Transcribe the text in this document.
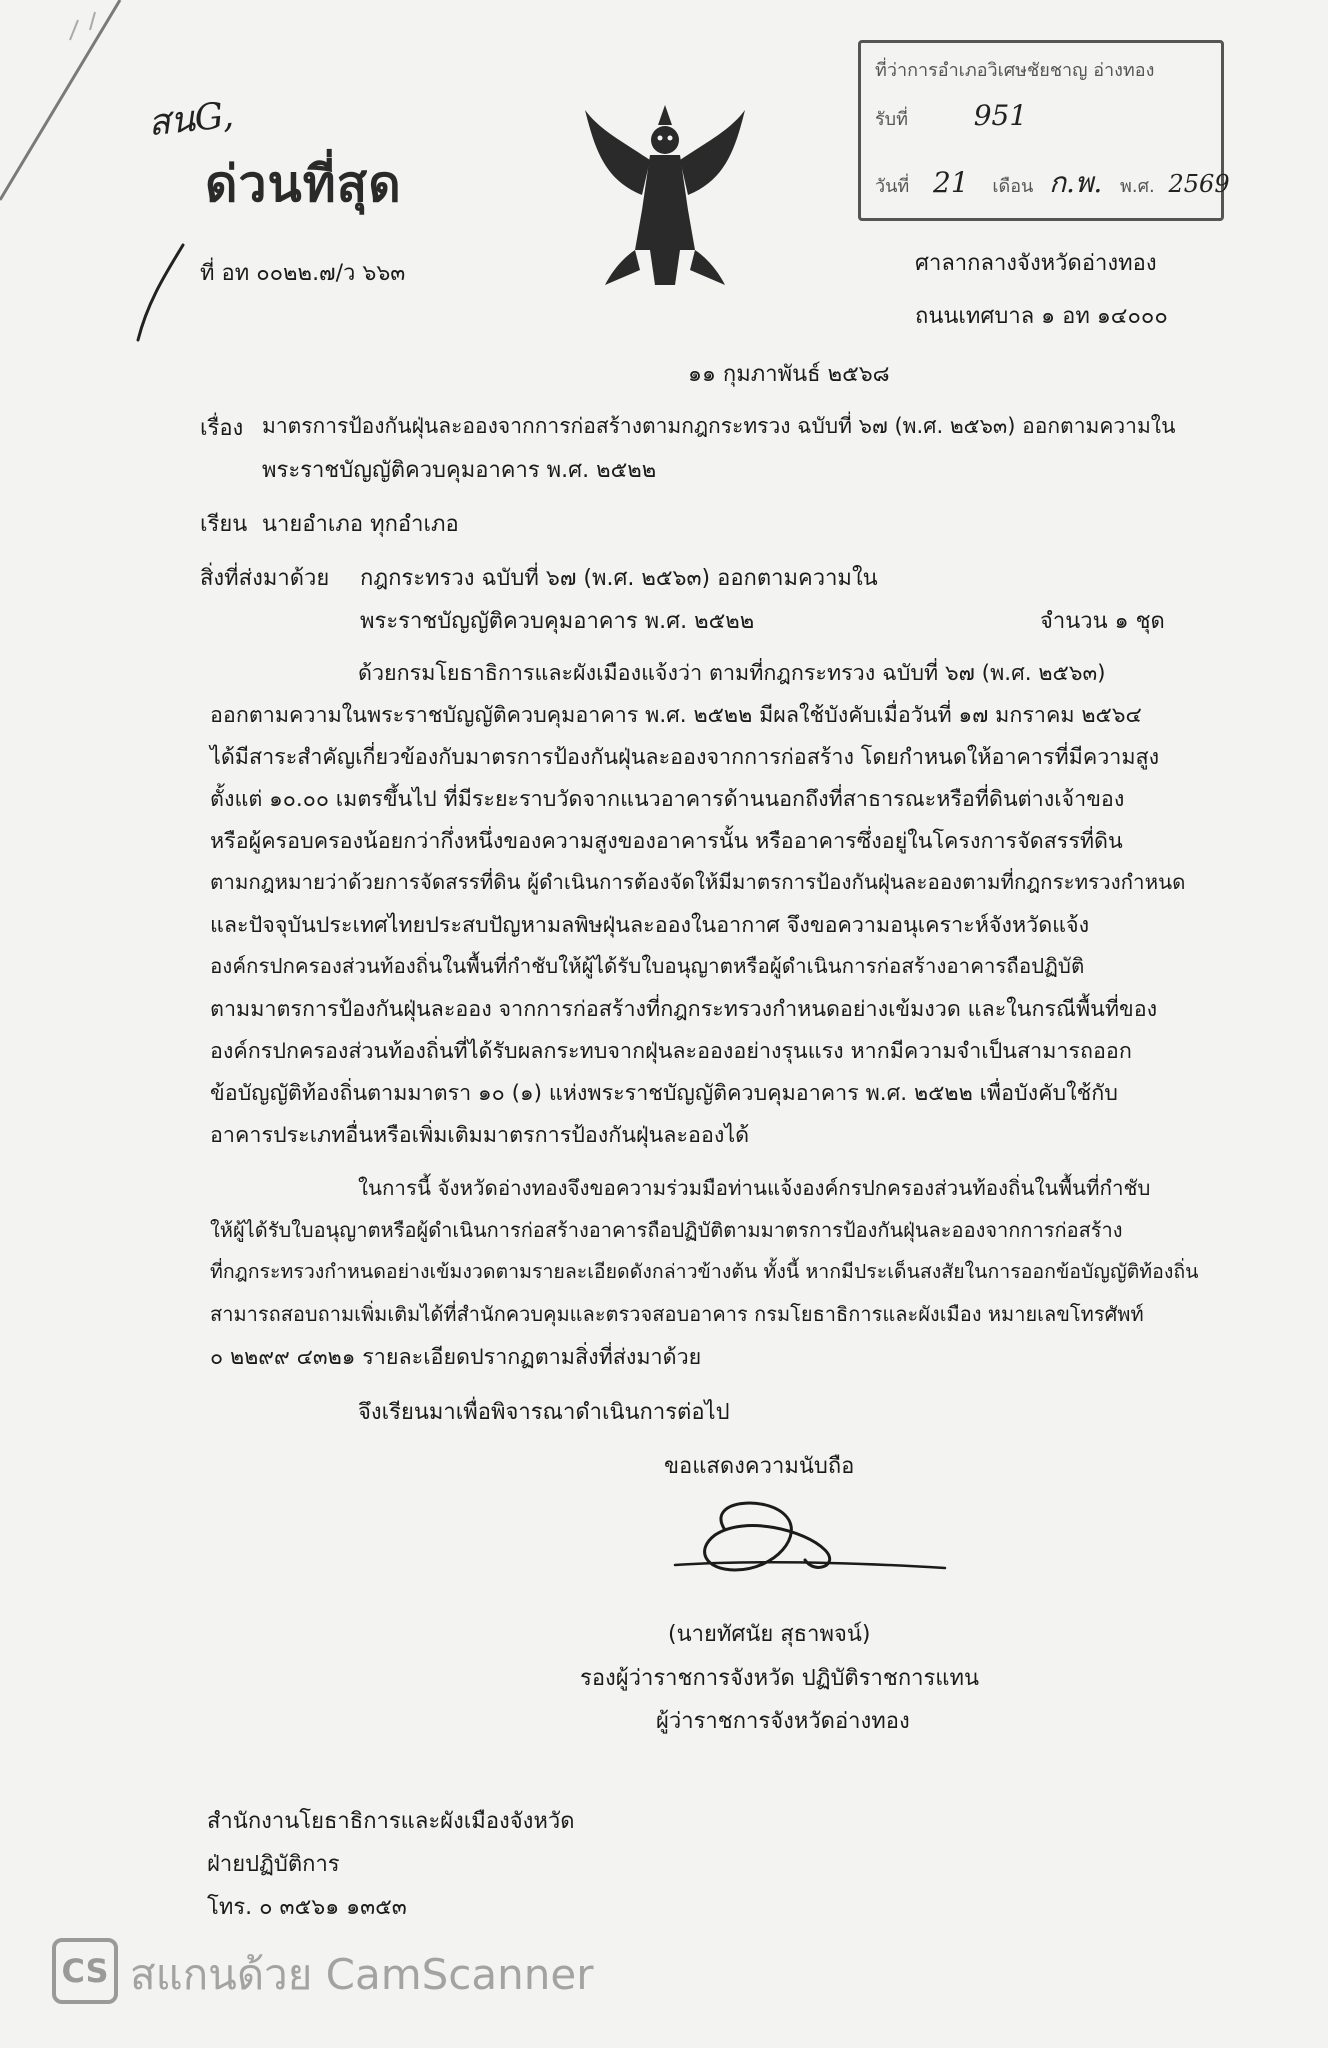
สนG,
ด่วนที่สุด
ที่ อท ๐๐๒๒.๗/ว ๖๖๓
ที่ว่าการอำเภอวิเศษชัยชาญ อ่างทอง
รับที่ 951
วันที่ 21 เดือน ก.พ. พ.ศ. 2569
ศาลากลางจังหวัดอ่างทอง
ถนนเทศบาล ๑ อท ๑๔๐๐๐
๑๑ กุมภาพันธ์ ๒๕๖๘
เรื่อง มาตรการป้องกันฝุ่นละอองจากการก่อสร้างตามกฎกระทรวง ฉบับที่ ๖๗ (พ.ศ. ๒๕๖๓) ออกตามความใน
พระราชบัญญัติควบคุมอาคาร พ.ศ. ๒๕๒๒
เรียน นายอำเภอ ทุกอำเภอ
สิ่งที่ส่งมาด้วย กฎกระทรวง ฉบับที่ ๖๗ (พ.ศ. ๒๕๖๓) ออกตามความใน
พระราชบัญญัติควบคุมอาคาร พ.ศ. ๒๕๒๒	จำนวน ๑ ชุด
ด้วยกรมโยธาธิการและผังเมืองแจ้งว่า ตามที่กฎกระทรวง ฉบับที่ ๖๗ (พ.ศ. ๒๕๖๓)
ออกตามความในพระราชบัญญัติควบคุมอาคาร พ.ศ. ๒๕๒๒ มีผลใช้บังคับเมื่อวันที่ ๑๗ มกราคม ๒๕๖๔
ได้มีสาระสำคัญเกี่ยวข้องกับมาตรการป้องกันฝุ่นละอองจากการก่อสร้าง โดยกำหนดให้อาคารที่มีความสูง
ตั้งแต่ ๑๐.๐๐ เมตรขึ้นไป ที่มีระยะราบวัดจากแนวอาคารด้านนอกถึงที่สาธารณะหรือที่ดินต่างเจ้าของ
หรือผู้ครอบครองน้อยกว่ากึ่งหนึ่งของความสูงของอาคารนั้น หรืออาคารซึ่งอยู่ในโครงการจัดสรรที่ดิน
ตามกฎหมายว่าด้วยการจัดสรรที่ดิน ผู้ดำเนินการต้องจัดให้มีมาตรการป้องกันฝุ่นละอองตามที่กฎกระทรวงกำหนด
และปัจจุบันประเทศไทยประสบปัญหามลพิษฝุ่นละอองในอากาศ จึงขอความอนุเคราะห์จังหวัดแจ้ง
องค์กรปกครองส่วนท้องถิ่นในพื้นที่กำชับให้ผู้ได้รับใบอนุญาตหรือผู้ดำเนินการก่อสร้างอาคารถือปฏิบัติ
ตามมาตรการป้องกันฝุ่นละออง จากการก่อสร้างที่กฎกระทรวงกำหนดอย่างเข้มงวด และในกรณีพื้นที่ของ
องค์กรปกครองส่วนท้องถิ่นที่ได้รับผลกระทบจากฝุ่นละอองอย่างรุนแรง หากมีความจำเป็นสามารถออก
ข้อบัญญัติท้องถิ่นตามมาตรา ๑๐ (๑) แห่งพระราชบัญญัติควบคุมอาคาร พ.ศ. ๒๕๒๒ เพื่อบังคับใช้กับ
อาคารประเภทอื่นหรือเพิ่มเติมมาตรการป้องกันฝุ่นละอองได้
ในการนี้ จังหวัดอ่างทองจึงขอความร่วมมือท่านแจ้งองค์กรปกครองส่วนท้องถิ่นในพื้นที่กำชับ
ให้ผู้ได้รับใบอนุญาตหรือผู้ดำเนินการก่อสร้างอาคารถือปฏิบัติตามมาตรการป้องกันฝุ่นละอองจากการก่อสร้าง
ที่กฎกระทรวงกำหนดอย่างเข้มงวดตามรายละเอียดดังกล่าวข้างต้น ทั้งนี้ หากมีประเด็นสงสัยในการออกข้อบัญญัติท้องถิ่น
สามารถสอบถามเพิ่มเติมได้ที่สำนักควบคุมและตรวจสอบอาคาร กรมโยธาธิการและผังเมือง หมายเลขโทรศัพท์
๐ ๒๒๙๙ ๔๓๒๑ รายละเอียดปรากฏตามสิ่งที่ส่งมาด้วย
จึงเรียนมาเพื่อพิจารณาดำเนินการต่อไป
ขอแสดงความนับถือ
(นายทัศนัย สุธาพจน์)
รองผู้ว่าราชการจังหวัด ปฏิบัติราชการแทน
ผู้ว่าราชการจังหวัดอ่างทอง
สำนักงานโยธาธิการและผังเมืองจังหวัด
ฝ่ายปฏิบัติการ
โทร. ๐ ๓๕๖๑ ๑๓๕๓
CS สแกนด้วย CamScanner
